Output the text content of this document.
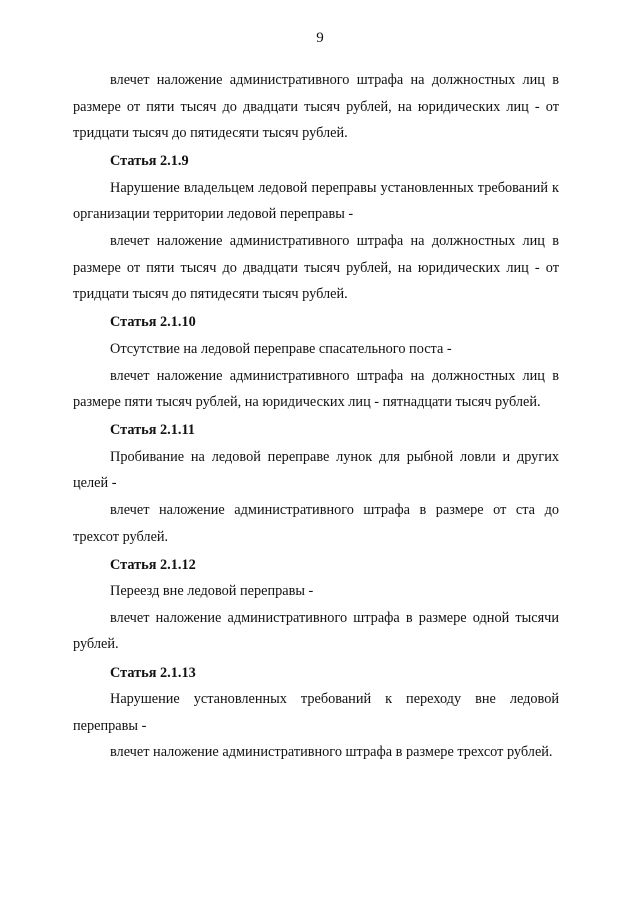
9

влечет наложение административного штрафа на должностных лиц в размере от пяти тысяч до двадцати тысяч рублей, на юридических лиц - от тридцати тысяч до пятидесяти тысяч рублей.

Статья 2.1.9

Нарушение владельцем ледовой переправы установленных требований к организации территории ледовой переправы -

влечет наложение административного штрафа на должностных лиц в размере от пяти тысяч до двадцати тысяч рублей, на юридических лиц - от тридцати тысяч до пятидесяти тысяч рублей.

Статья 2.1.10

Отсутствие на ледовой переправе спасательного поста -

влечет наложение административного штрафа на должностных лиц в размере пяти тысяч рублей, на юридических лиц - пятнадцати тысяч рублей.

Статья 2.1.11

Пробивание на ледовой переправе лунок для рыбной ловли и других целей -

влечет наложение административного штрафа в размере от ста до трехсот рублей.

Статья 2.1.12

Переезд вне ледовой переправы -

влечет наложение административного штрафа в размере одной тысячи рублей.

Статья 2.1.13

Нарушение установленных требований к переходу вне ледовой переправы -

влечет наложение административного штрафа в размере трехсот рублей.
